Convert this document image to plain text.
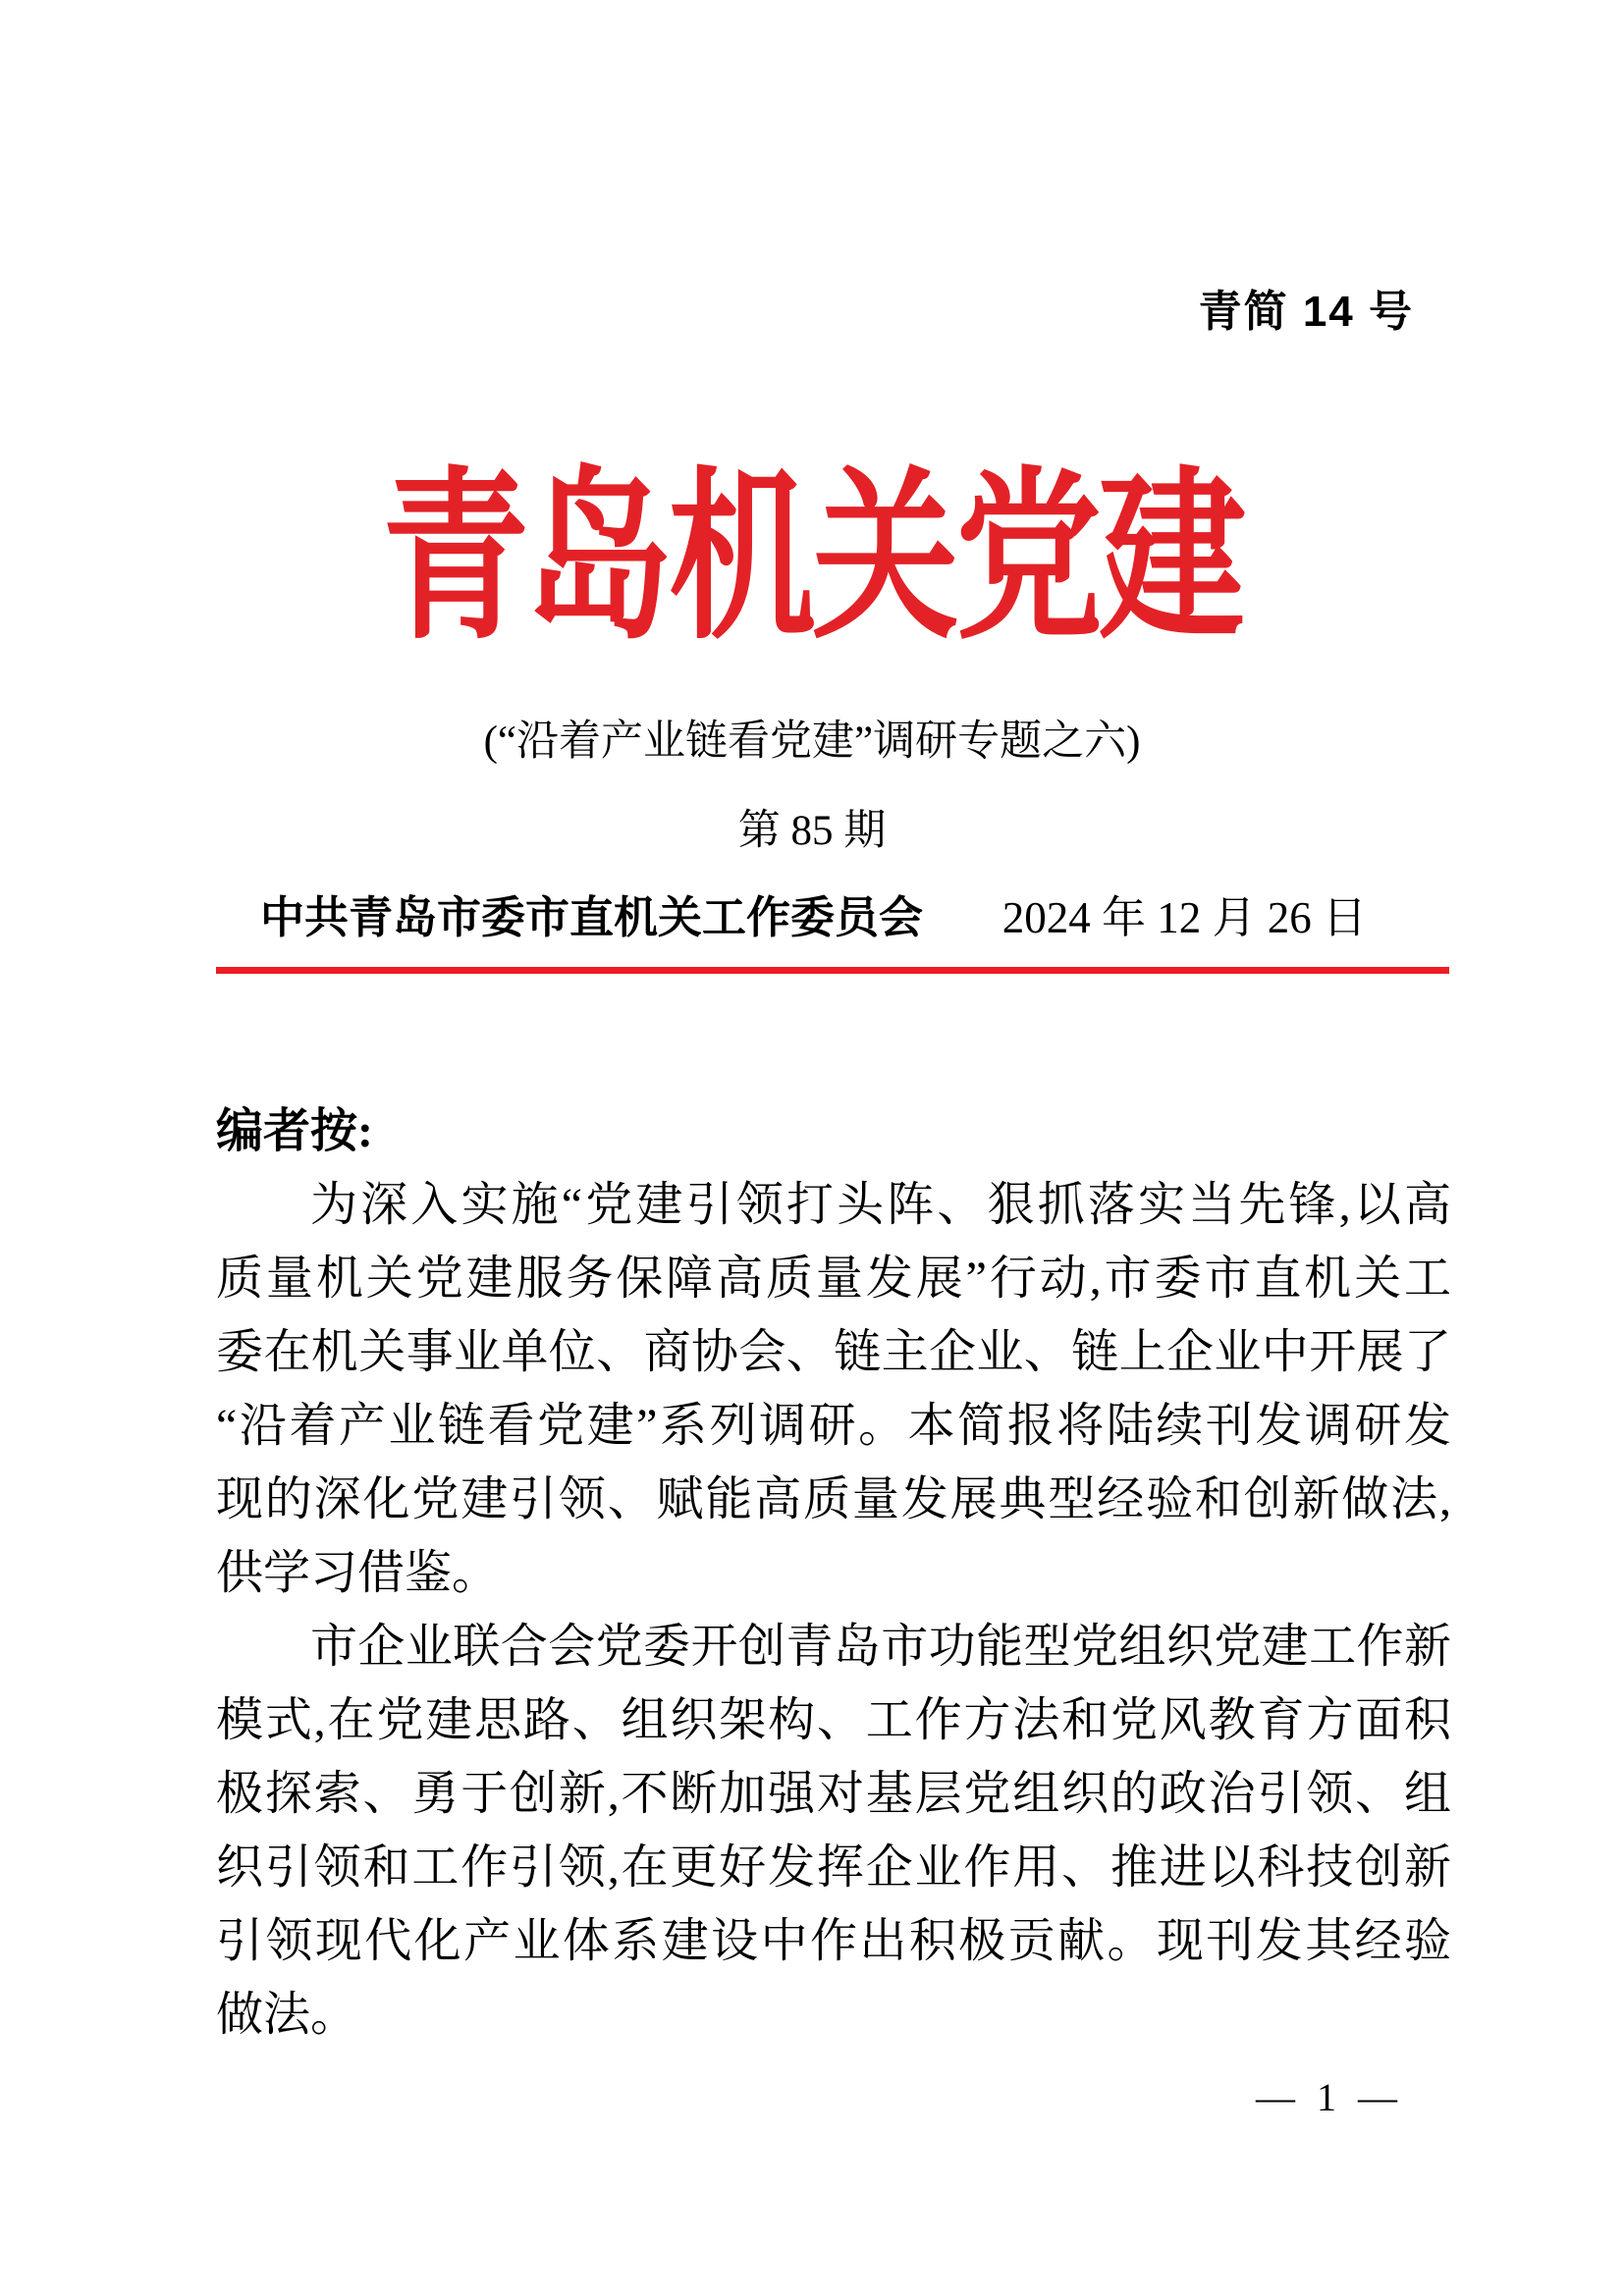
青简 14 号
青岛机关党建
(“沿着产业链看党建”调研专题之六)
第 85 期
中共青岛市委市直机关工作委员会 2024 年 12 月 26 日
编者按:
为深入实施“党建引领打头阵、狠抓落实当先锋,以高
质量机关党建服务保障高质量发展”行动,市委市直机关工
委在机关事业单位、商协会、链主企业、链上企业中开展了
“沿着产业链看党建”系列调研。本简报将陆续刊发调研发
现的深化党建引领、赋能高质量发展典型经验和创新做法,
供学习借鉴。
市企业联合会党委开创青岛市功能型党组织党建工作新
模式,在党建思路、组织架构、工作方法和党风教育方面积
极探索、勇于创新,不断加强对基层党组织的政治引领、组
织引领和工作引领,在更好发挥企业作用、推进以科技创新
引领现代化产业体系建设中作出积极贡献。现刊发其经验
做法。
— 1 —
